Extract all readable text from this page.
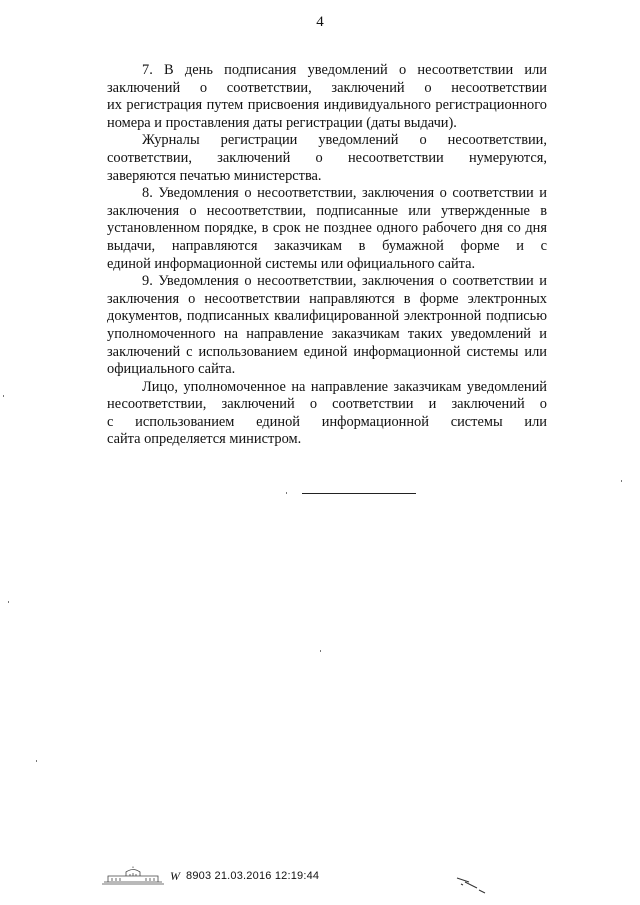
4
7. В день подписания уведомлений о несоответствии или
заключений о соответствии, заключений о несоответствии
их регистрация путем присвоения индивидуального регистрационного
номера и проставления даты регистрации (даты выдачи).
Журналы регистрации уведомлений о несоответствии,
соответствии, заключений о несоответствии нумеруются,
заверяются печатью министерства.
8. Уведомления о несоответствии, заключения о соответствии и
заключения о несоответствии, подписанные или утвержденные в
установленном порядке, в срок не позднее одного рабочего дня со дня
выдачи, направляются заказчикам в бумажной форме и с
единой информационной системы или официального сайта.
9. Уведомления о несоответствии, заключения о соответствии и
заключения о несоответствии направляются в форме электронных
документов, подписанных квалифицированной электронной подписью
уполномоченного на направление заказчикам таких уведомлений и
заключений с использованием единой информационной системы или
официального сайта.
Лицо, уполномоченное на направление заказчикам уведомлений
несоответствии, заключений о соответствии и заключений о
с использованием единой информационной системы или
сайта определяется министром.
W 8903 21.03.2016 12:19:44
